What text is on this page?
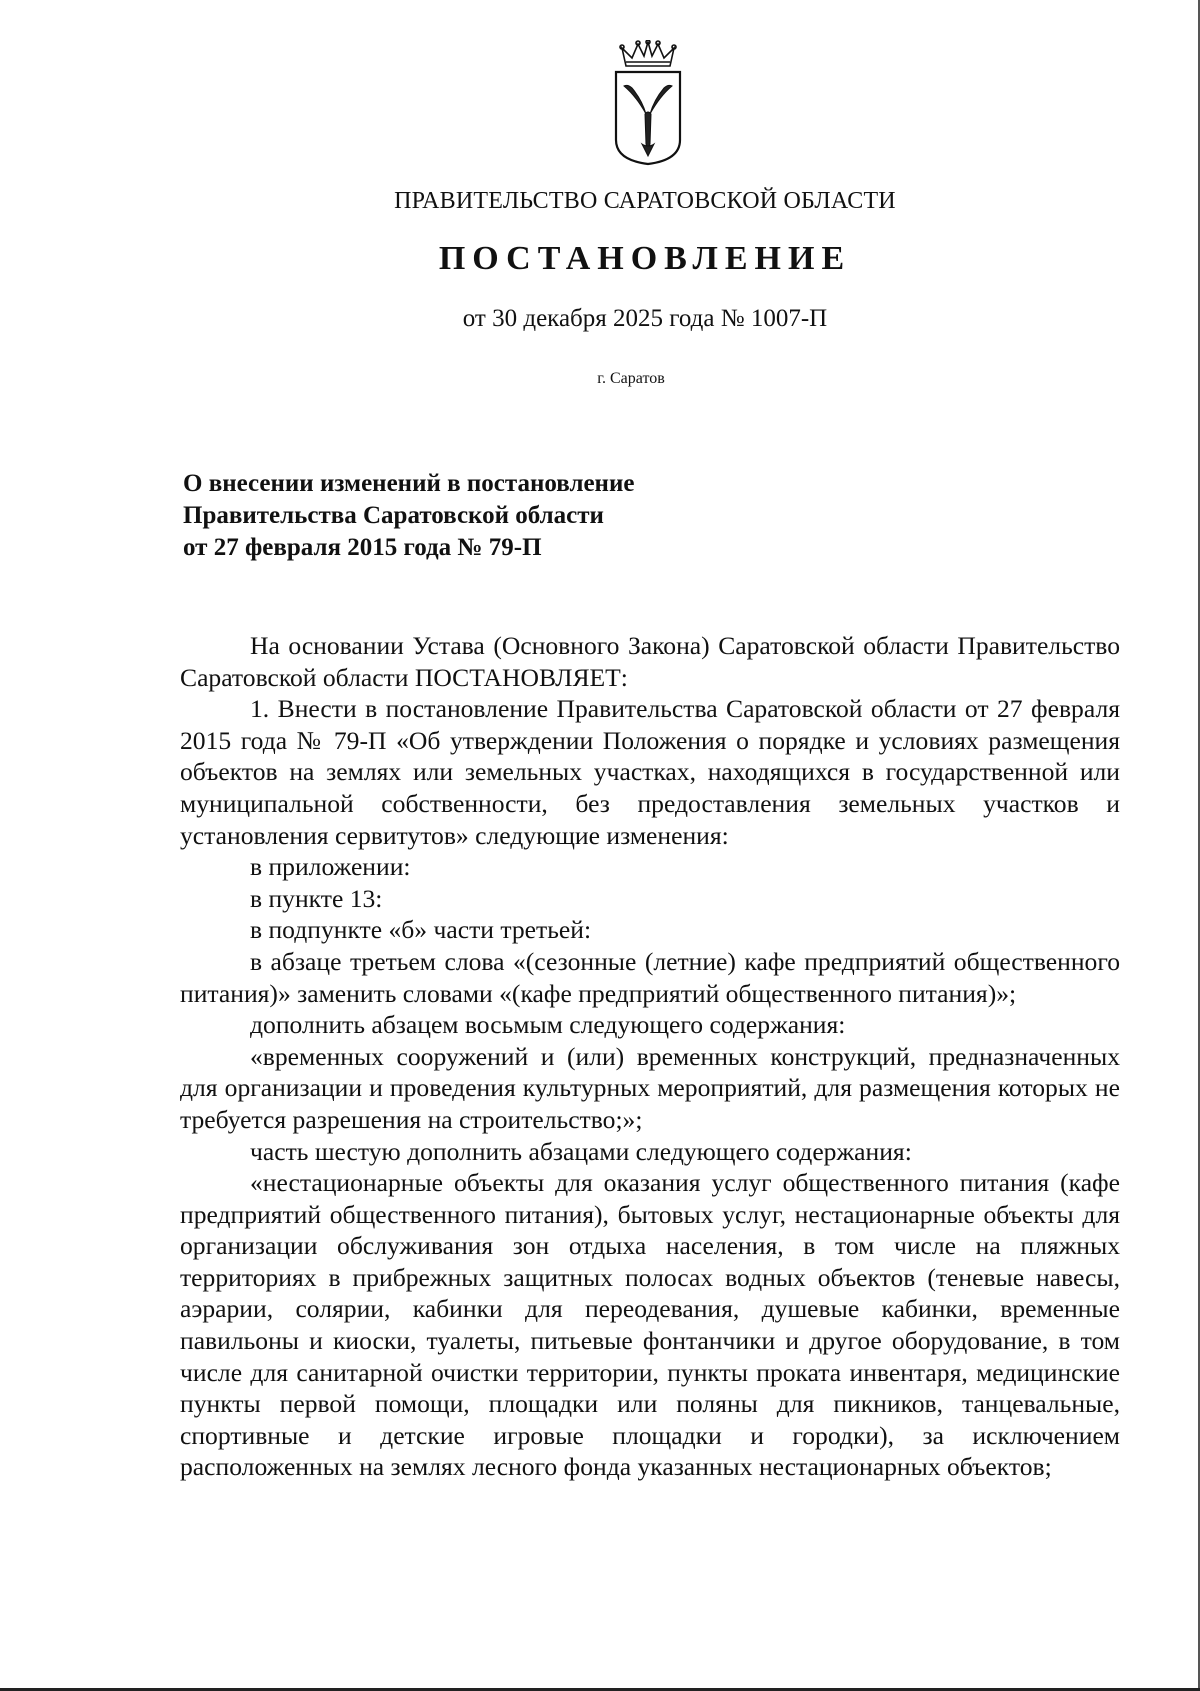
ПРАВИТЕЛЬСТВО САРАТОВСКОЙ ОБЛАСТИ
ПОСТАНОВЛЕНИЕ
от 30 декабря 2025 года № 1007-П
г. Саратов
О внесении изменений в постановление
Правительства Саратовской области
от 27 февраля 2015 года № 79-П

На основании Устава (Основного Закона) Саратовской области Правительство Саратовской области ПОСТАНОВЛЯЕТ:

1. Внести в постановление Правительства Саратовской области от 27 февраля 2015 года № 79-П «Об утверждении Положения о порядке и условиях размещения объектов на землях или земельных участках, находящихся в государственной или муниципальной собственности, без предоставления земельных участков и установления сервитутов» следующие изменения:

в приложении:

в пункте 13:

в подпункте «б» части третьей:

в абзаце третьем слова «(сезонные (летние) кафе предприятий общественного питания)» заменить словами «(кафе предприятий общественного питания)»;

дополнить абзацем восьмым следующего содержания:

«временных сооружений и (или) временных конструкций, предназначенных для организации и проведения культурных мероприятий, для размещения которых не требуется разрешения на строительство;»;

часть шестую дополнить абзацами следующего содержания:

«нестационарные объекты для оказания услуг общественного питания (кафе предприятий общественного питания), бытовых услуг, нестационарные объекты для организации обслуживания зон отдыха населения, в том числе на пляжных территориях в прибрежных защитных полосах водных объектов (теневые навесы, аэрарии, солярии, кабинки для переодевания, душевые кабинки, временные павильоны и киоски, туалеты, питьевые фонтанчики и другое оборудование, в том числе для санитарной очистки территории, пункты проката инвентаря, медицинские пункты первой помощи, площадки или поляны для пикников, танцевальные, спортивные и детские игровые площадки и городки), за исключением расположенных на землях лесного фонда указанных нестационарных объектов;
